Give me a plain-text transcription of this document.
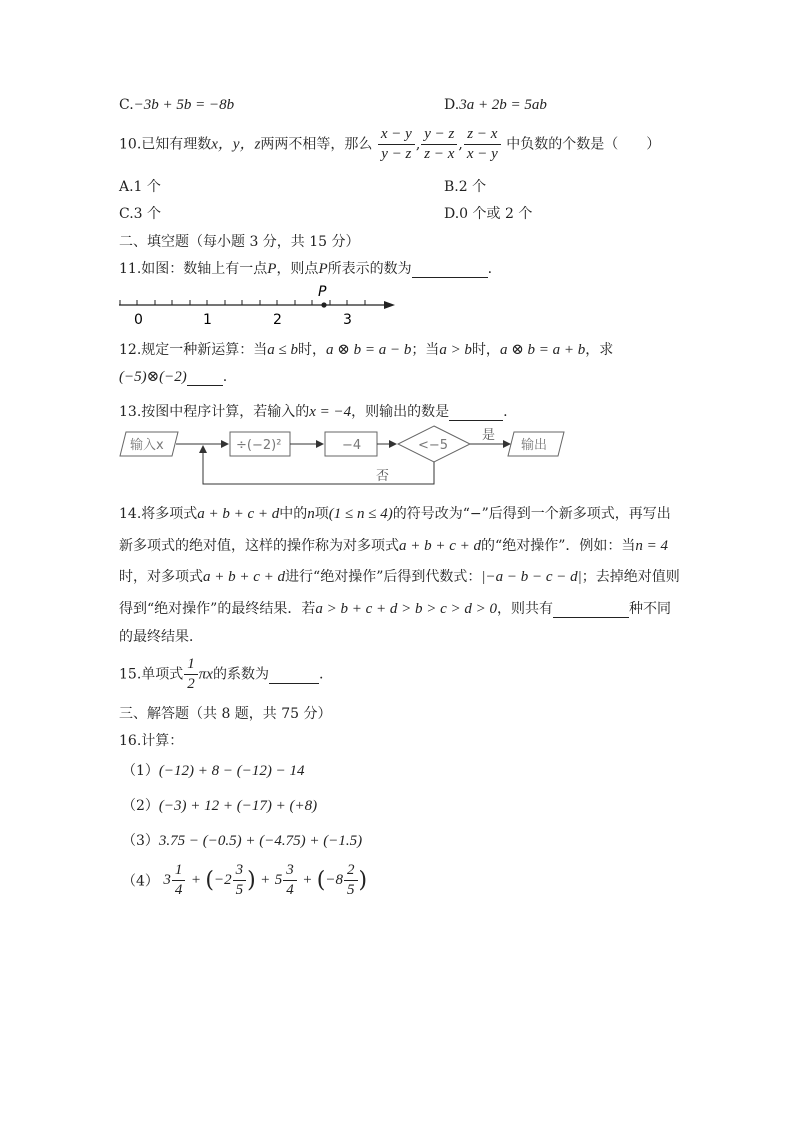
C.−3b + 5b = −8b	D.3a + 2b = 5ab
10.已知有理数x，y，z两两不相等，那么 $\frac{x - y}{y - z}$ , $\frac{y - z}{z - x}$ , $\frac{z - x}{x - y}$ 中负数的个数是（　　）
A.1 个	B.2 个
C.3 个	D.0 个或 2 个
二、填空题（每小题 3 分，共 15 分）
11.如图：数轴上有一点P，则点P所表示的数为	.
P
0	1	2	3
12.规定一种新运算：当a ≤ b时，a ⊗ b = a − b；当a > b时，a ⊗ b = a + b，求
(−5)⊗(−2)	.
13.按图中程序计算，若输入的x = −4，则输出的数是	.
输入x	÷(−2)²	−4	<−5
是
输出
否
14.将多项式a + b + c + d中的n项(1 ≤ n ≤ 4)的符号改为“−”后得到一个新多项式，再写出
新多项式的绝对值，这样的操作称为对多项式a + b + c + d的“绝对操作”．例如：当n = 4
时，对多项式a + b + c + d进行“绝对操作”后得到代数式：|−a − b − c − d|；去掉绝对值则
得到“绝对操作”的最终结果．若a > b + c + d > b > c > d > 0，则共有	种不同
的最终结果．
15.单项式 $\frac{1}{2}$ πx的系数为	.
三、解答题（共 8 题，共 75 分）
16.计算：
（1）(−12) + 8 − (−12) − 14
（2）(−3) + 12 + (−17) + (+8)
（3）3.75 − (−0.5) + (−4.75) + (−1.5)
（4） $3 \frac{1}{4} + (-2 \frac{3}{5}$ ) + $5 \frac{3}{4} + (-8 \frac{2}{5}$ )
